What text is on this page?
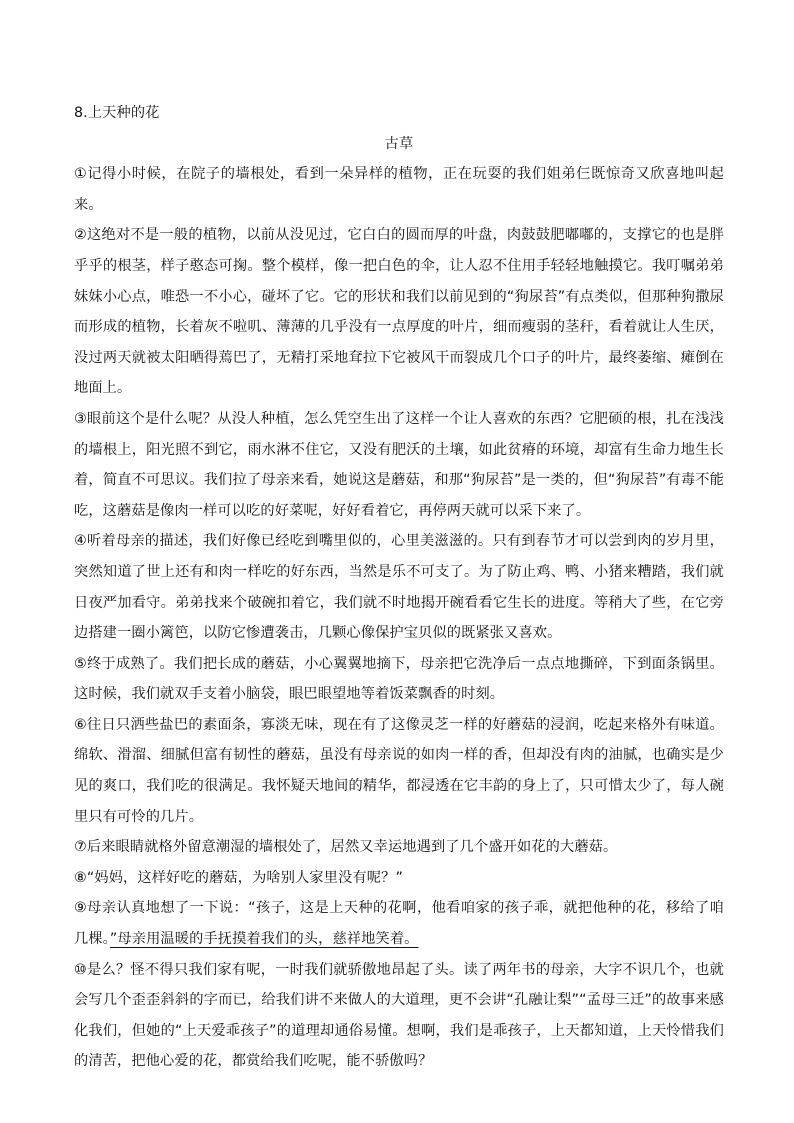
8.上天种的花

古草

①记得小时候，在院子的墙根处，看到一朵异样的植物，正在玩耍的我们姐弟仨既惊奇又欣喜地叫起来。

②这绝对不是一般的植物，以前从没见过，它白白的圆而厚的叶盘，肉鼓鼓肥嘟嘟的，支撑它的也是胖乎乎的根茎，样子憨态可掬。整个模样，像一把白色的伞，让人忍不住用手轻轻地触摸它。我叮嘱弟弟妹妹小心点，唯恐一不小心，碰坏了它。它的形状和我们以前见到的“狗尿苔”有点类似，但那种狗撒尿而形成的植物，长着灰不啦叽、薄薄的几乎没有一点厚度的叶片，细而瘦弱的茎秆，看着就让人生厌，没过两天就被太阳晒得蔫巴了，无精打采地耷拉下它被风干而裂成几个口子的叶片，最终萎缩、瘫倒在地面上。

③眼前这个是什么呢？从没人种植，怎么凭空生出了这样一个让人喜欢的东西？它肥硕的根，扎在浅浅的墙根上，阳光照不到它，雨水淋不住它，又没有肥沃的土壤，如此贫瘠的环境，却富有生命力地生长着，简直不可思议。我们拉了母亲来看，她说这是蘑菇，和那“狗尿苔”是一类的，但“狗尿苔”有毒不能吃，这蘑菇是像肉一样可以吃的好菜呢，好好看着它，再停两天就可以采下来了。

④听着母亲的描述，我们好像已经吃到嘴里似的，心里美滋滋的。只有到春节才可以尝到肉的岁月里，突然知道了世上还有和肉一样吃的好东西，当然是乐不可支了。为了防止鸡、鸭、小猪来糟踏，我们就日夜严加看守。弟弟找来个破碗扣着它，我们就不时地揭开碗看看它生长的进度。等稍大了些，在它旁边搭建一圈小篱笆，以防它惨遭袭击，几颗心像保护宝贝似的既紧张又喜欢。

⑤终于成熟了。我们把长成的蘑菇，小心翼翼地摘下，母亲把它洗净后一点点地撕碎，下到面条锅里。这时候，我们就双手支着小脑袋，眼巴眼望地等着饭菜飘香的时刻。

⑥往日只洒些盐巴的素面条，寡淡无味，现在有了这像灵芝一样的好蘑菇的浸润，吃起来格外有味道。绵软、滑溜、细腻但富有韧性的蘑菇，虽没有母亲说的如肉一样的香，但却没有肉的油腻，也确实是少见的爽口，我们吃的很满足。我怀疑天地间的精华，都浸透在它丰韵的身上了，只可惜太少了，每人碗里只有可怜的几片。

⑦后来眼睛就格外留意潮湿的墙根处了，居然又幸运地遇到了几个盛开如花的大蘑菇。

⑧“妈妈，这样好吃的蘑菇，为啥别人家里没有呢？”

⑨母亲认真地想了一下说：“孩子，这是上天种的花啊，他看咱家的孩子乖，就把他种的花，移给了咱几棵。”母亲用温暖的手抚摸着我们的头，慈祥地笑着。

⑩是么？怪不得只我们家有呢，一时我们就骄傲地昂起了头。读了两年书的母亲，大字不识几个，也就会写几个歪歪斜斜的字而已，给我们讲不来做人的大道理，更不会讲“孔融让梨”“孟母三迁”的故事来感化我们，但她的“上天爱乖孩子”的道理却通俗易懂。想啊，我们是乖孩子，上天都知道，上天怜惜我们的清苦，把他心爱的花，都赏给我们吃呢，能不骄傲吗？
